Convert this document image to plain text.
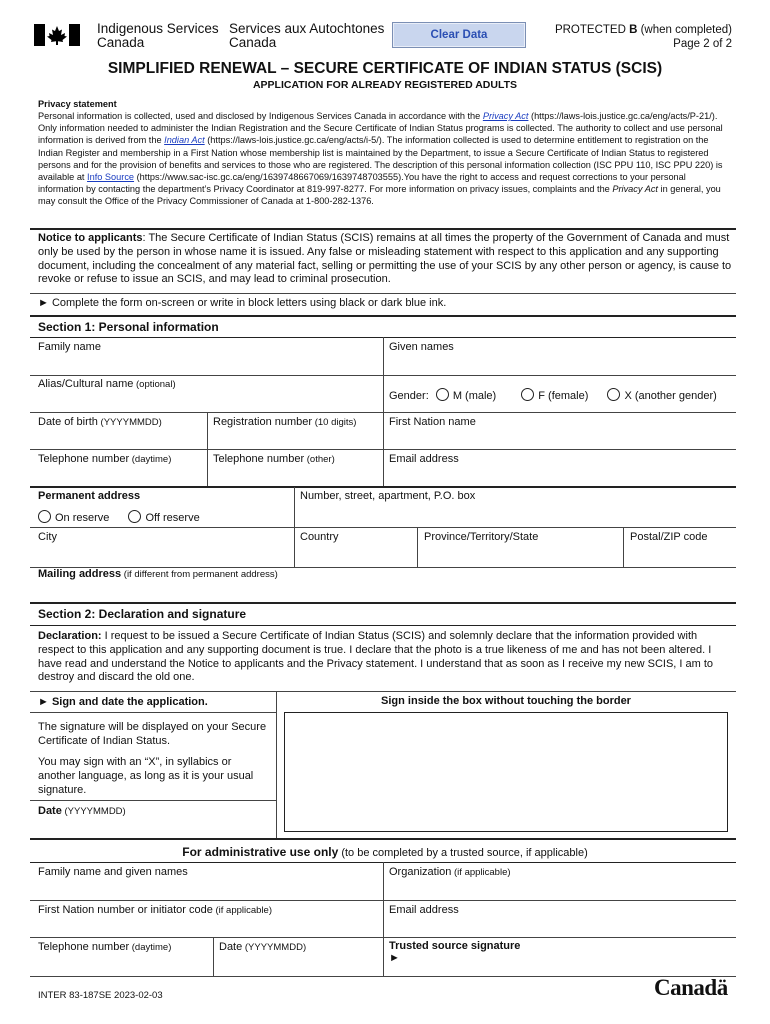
Indigenous Services
Canada
Services aux Autochtones
Canada	Clear Data	PROTECTED B (when completed)
Page 2 of 2
SIMPLIFIED RENEWAL – SECURE CERTIFICATE OF INDIAN STATUS (SCIS)
APPLICATION FOR ALREADY REGISTERED ADULTS
Privacy statement
Personal information is collected, used and disclosed by Indigenous Services Canada in accordance with the Privacy Act (https://laws-lois.justice.gc.ca/eng/acts/P-21/). Only information needed to administer the Indian Registration and the Secure Certificate of Indian Status programs is collected. The authority to collect and use personal information is derived from the Indian Act (https://laws-lois.justice.gc.ca/eng/acts/i-5/). The information collected is used to determine entitlement to registration on the Indian Register and membership in a First Nation whose membership list is maintained by the Department, to issue a Secure Certificate of Indian Status to registered persons and for the provision of benefits and services to those who are registered. The description of this personal information collection (ISC PPU 110, ISC PPU 220) is available at Info Source (https://www.sac-isc.gc.ca/eng/1639748667069/1639748703555).You have the right to access and request corrections to your personal information by contacting the department’s Privacy Coordinator at 819-997-8277. For more information on privacy issues, complaints and the Privacy Act in general, you may consult the Office of the Privacy Commissioner of Canada at 1-800-282-1376.
Notice to applicants: The Secure Certificate of Indian Status (SCIS) remains at all times the property of the Government of Canada and must only be used by the person in whose name it is issued. Any false or misleading statement with respect to this application and any supporting document, including the concealment of any material fact, selling or permitting the use of your SCIS by any other person or agency, is cause to revoke or refuse to issue an SCIS, and may lead to criminal prosecution.
► Complete the form on-screen or write in block letters using black or dark blue ink.
Section 1: Personal information
Family name	Given names
Alias/Cultural name (optional)
Gender: M (male)	F (female)	X (another gender)
Date of birth (YYYYMMDD)	Registration number (10 digits)	First Nation name
Telephone number (daytime)	Telephone number (other)	Email address
Permanent address
On reserve	Off reserve
Number, street, apartment, P.O. box
City	Country	Province/Territory/State	Postal/ZIP code
Mailing address (if different from permanent address)
Section 2: Declaration and signature
Declaration: I request to be issued a Secure Certificate of Indian Status (SCIS) and solemnly declare that the information provided with respect to this application and any supporting document is true. I declare that the photo is a true likeness of me and has not been altered. I have read and understand the Notice to applicants and the Privacy statement. I understand that as soon as I receive my new SCIS, I am to destroy and discard the old one.
► Sign and date the application.	Sign inside the box without touching the border
The signature will be displayed on your Secure Certificate of Indian Status.
You may sign with an “X”, in syllabics or another language, as long as it is your usual signature.
Date (YYYYMMDD)
For administrative use only (to be completed by a trusted source, if applicable)
Family name and given names	Organization (if applicable)
First Nation number or initiator code (if applicable)	Email address
Telephone number (daytime)	Date (YYYYMMDD)	Trusted source signature
►
INTER 83-187SE 2023-02-03	Canadä
